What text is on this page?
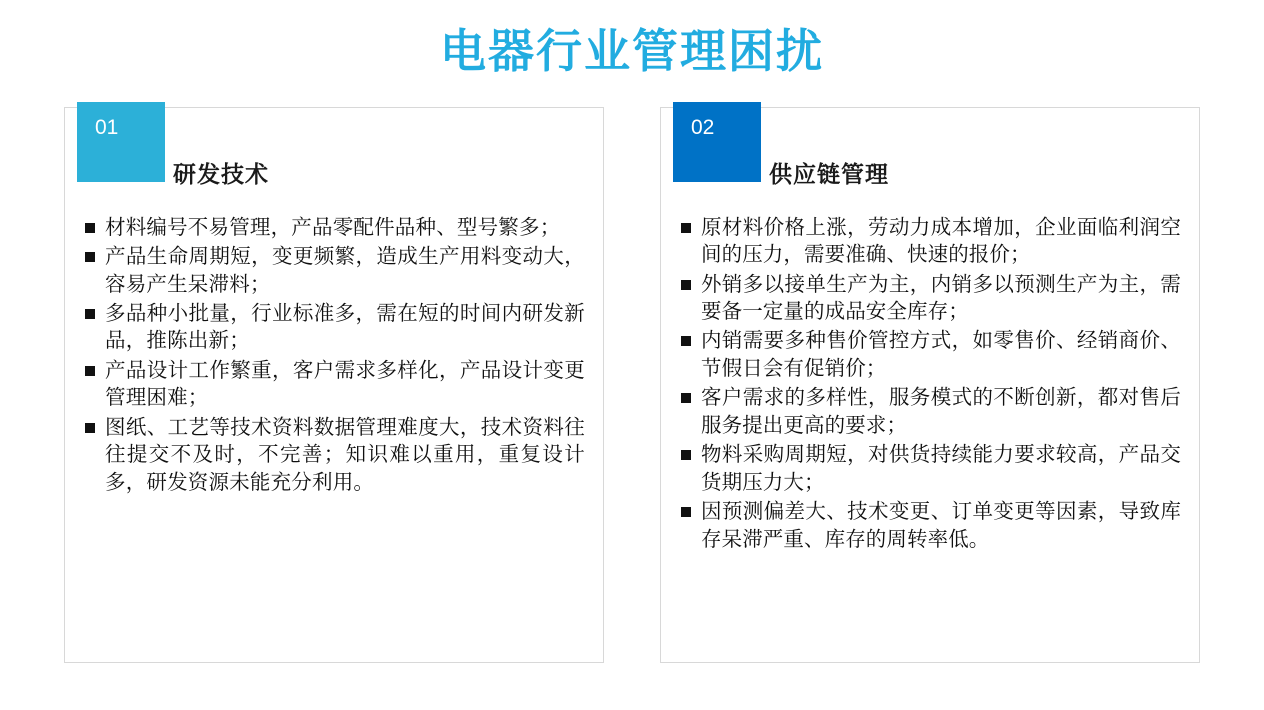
电器行业管理困扰
01
研发技术
材料编号不易管理，产品零配件品种、型号繁多；
产品生命周期短，变更频繁，造成生产用料变动大，容易产生呆滞料；
多品种小批量，行业标准多，需在短的时间内研发新品，推陈出新；
产品设计工作繁重，客户需求多样化，产品设计变更管理困难；
图纸、工艺等技术资料数据管理难度大，技术资料往往提交不及时，不完善；知识难以重用，重复设计多，研发资源未能充分利用。
02
供应链管理
原材料价格上涨，劳动力成本增加，企业面临利润空间的压力，需要准确、快速的报价；
外销多以接单生产为主，内销多以预测生产为主，需要备一定量的成品安全库存；
内销需要多种售价管控方式，如零售价、经销商价、节假日会有促销价；
客户需求的多样性，服务模式的不断创新，都对售后服务提出更高的要求；
物料采购周期短，对供货持续能力要求较高，产品交货期压力大；
因预测偏差大、技术变更、订单变更等因素，导致库存呆滞严重、库存的周转率低。
